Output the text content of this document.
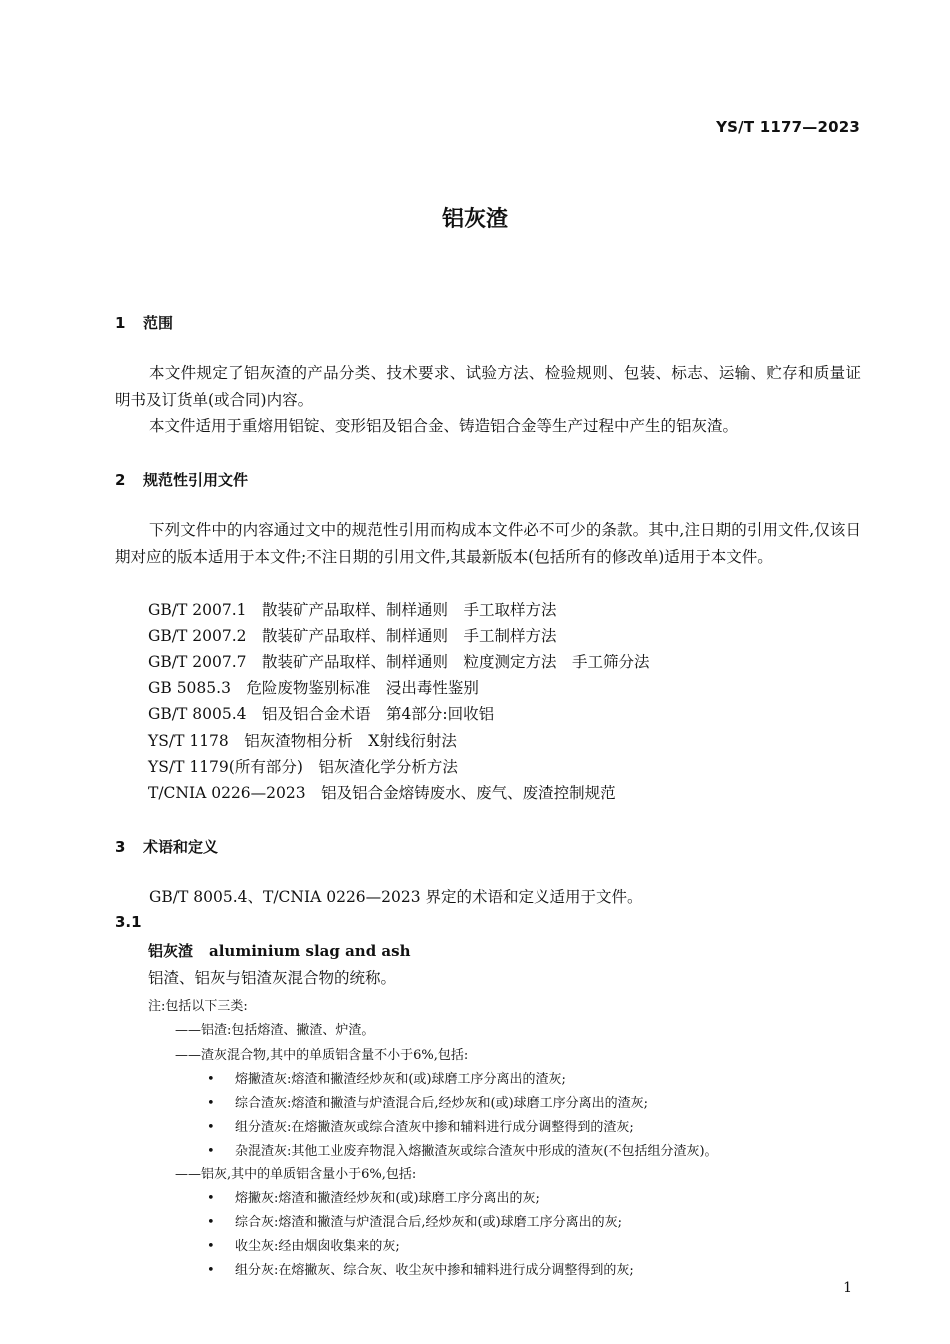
YS/T 1177—2023
铝灰渣
1 范围
本文件规定了铝灰渣的产品分类、技术要求、试验方法、检验规则、包装、标志、运输、贮存和质量证明书及订货单(或合同)内容。
本文件适用于重熔用铝锭、变形铝及铝合金、铸造铝合金等生产过程中产生的铝灰渣。
2 规范性引用文件
下列文件中的内容通过文中的规范性引用而构成本文件必不可少的条款。其中,注日期的引用文件,仅该日期对应的版本适用于本文件;不注日期的引用文件,其最新版本(包括所有的修改单)适用于本文件。
GB/T 2007.1　散装矿产品取样、制样通则　手工取样方法
GB/T 2007.2　散装矿产品取样、制样通则　手工制样方法
GB/T 2007.7　散装矿产品取样、制样通则　粒度测定方法　手工筛分法
GB 5085.3　危险废物鉴别标准　浸出毒性鉴别
GB/T 8005.4　铝及铝合金术语　第4部分:回收铝
YS/T 1178　铝灰渣物相分析　X射线衍射法
YS/T 1179(所有部分)　铝灰渣化学分析方法
T/CNIA 0226—2023　铝及铝合金熔铸废水、废气、废渣控制规范
3 术语和定义
GB/T 8005.4、T/CNIA 0226—2023 界定的术语和定义适用于文件。
3.1
铝灰渣 aluminium slag and ash
铝渣、铝灰与铝渣灰混合物的统称。
注:包括以下三类:
——铝渣:包括熔渣、撇渣、炉渣。
——渣灰混合物,其中的单质铝含量不小于6%,包括:
• 熔撇渣灰:熔渣和撇渣经炒灰和(或)球磨工序分离出的渣灰;
• 综合渣灰:熔渣和撇渣与炉渣混合后,经炒灰和(或)球磨工序分离出的渣灰;
• 组分渣灰:在熔撇渣灰或综合渣灰中掺和辅料进行成分调整得到的渣灰;
• 杂混渣灰:其他工业废弃物混入熔撇渣灰或综合渣灰中形成的渣灰(不包括组分渣灰)。
——铝灰,其中的单质铝含量小于6%,包括:
• 熔撇灰:熔渣和撇渣经炒灰和(或)球磨工序分离出的灰;
• 综合灰:熔渣和撇渣与炉渣混合后,经炒灰和(或)球磨工序分离出的灰;
• 收尘灰:经由烟囱收集来的灰;
• 组分灰:在熔撇灰、综合灰、收尘灰中掺和辅料进行成分调整得到的灰;
1
